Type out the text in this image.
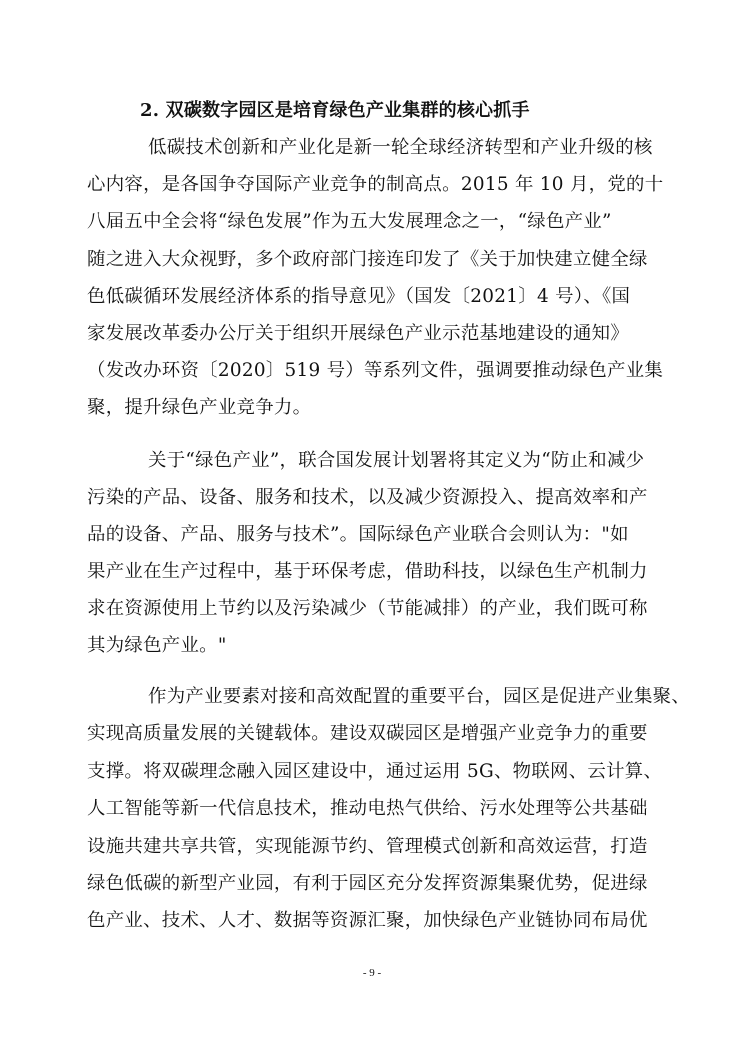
2. 双碳数字园区是培育绿色产业集群的核心抓手
低碳技术创新和产业化是新一轮全球经济转型和产业升级的核
心内容，是各国争夺国际产业竞争的制高点。2015 年 10 月，党的十
八届五中全会将“绿色发展”作为五大发展理念之一，“绿色产业”
随之进入大众视野，多个政府部门接连印发了《关于加快建立健全绿
色低碳循环发展经济体系的指导意见》（国发〔2021〕4 号）、《国
家发展改革委办公厅关于组织开展绿色产业示范基地建设的通知》
（发改办环资〔2020〕519 号）等系列文件，强调要推动绿色产业集
聚，提升绿色产业竞争力。
关于“绿色产业”，联合国发展计划署将其定义为“防止和减少
污染的产品、设备、服务和技术，以及减少资源投入、提高效率和产
品的设备、产品、服务与技术”。国际绿色产业联合会则认为："如
果产业在生产过程中，基于环保考虑，借助科技，以绿色生产机制力
求在资源使用上节约以及污染减少（节能减排）的产业，我们既可称
其为绿色产业。"
作为产业要素对接和高效配置的重要平台，园区是促进产业集聚、
实现高质量发展的关键载体。建设双碳园区是增强产业竞争力的重要
支撑。将双碳理念融入园区建设中，通过运用 5G、物联网、云计算、
人工智能等新一代信息技术，推动电热气供给、污水处理等公共基础
设施共建共享共管，实现能源节约、管理模式创新和高效运营，打造
绿色低碳的新型产业园，有利于园区充分发挥资源集聚优势，促进绿
色产业、技术、人才、数据等资源汇聚，加快绿色产业链协同布局优
- 9 -
